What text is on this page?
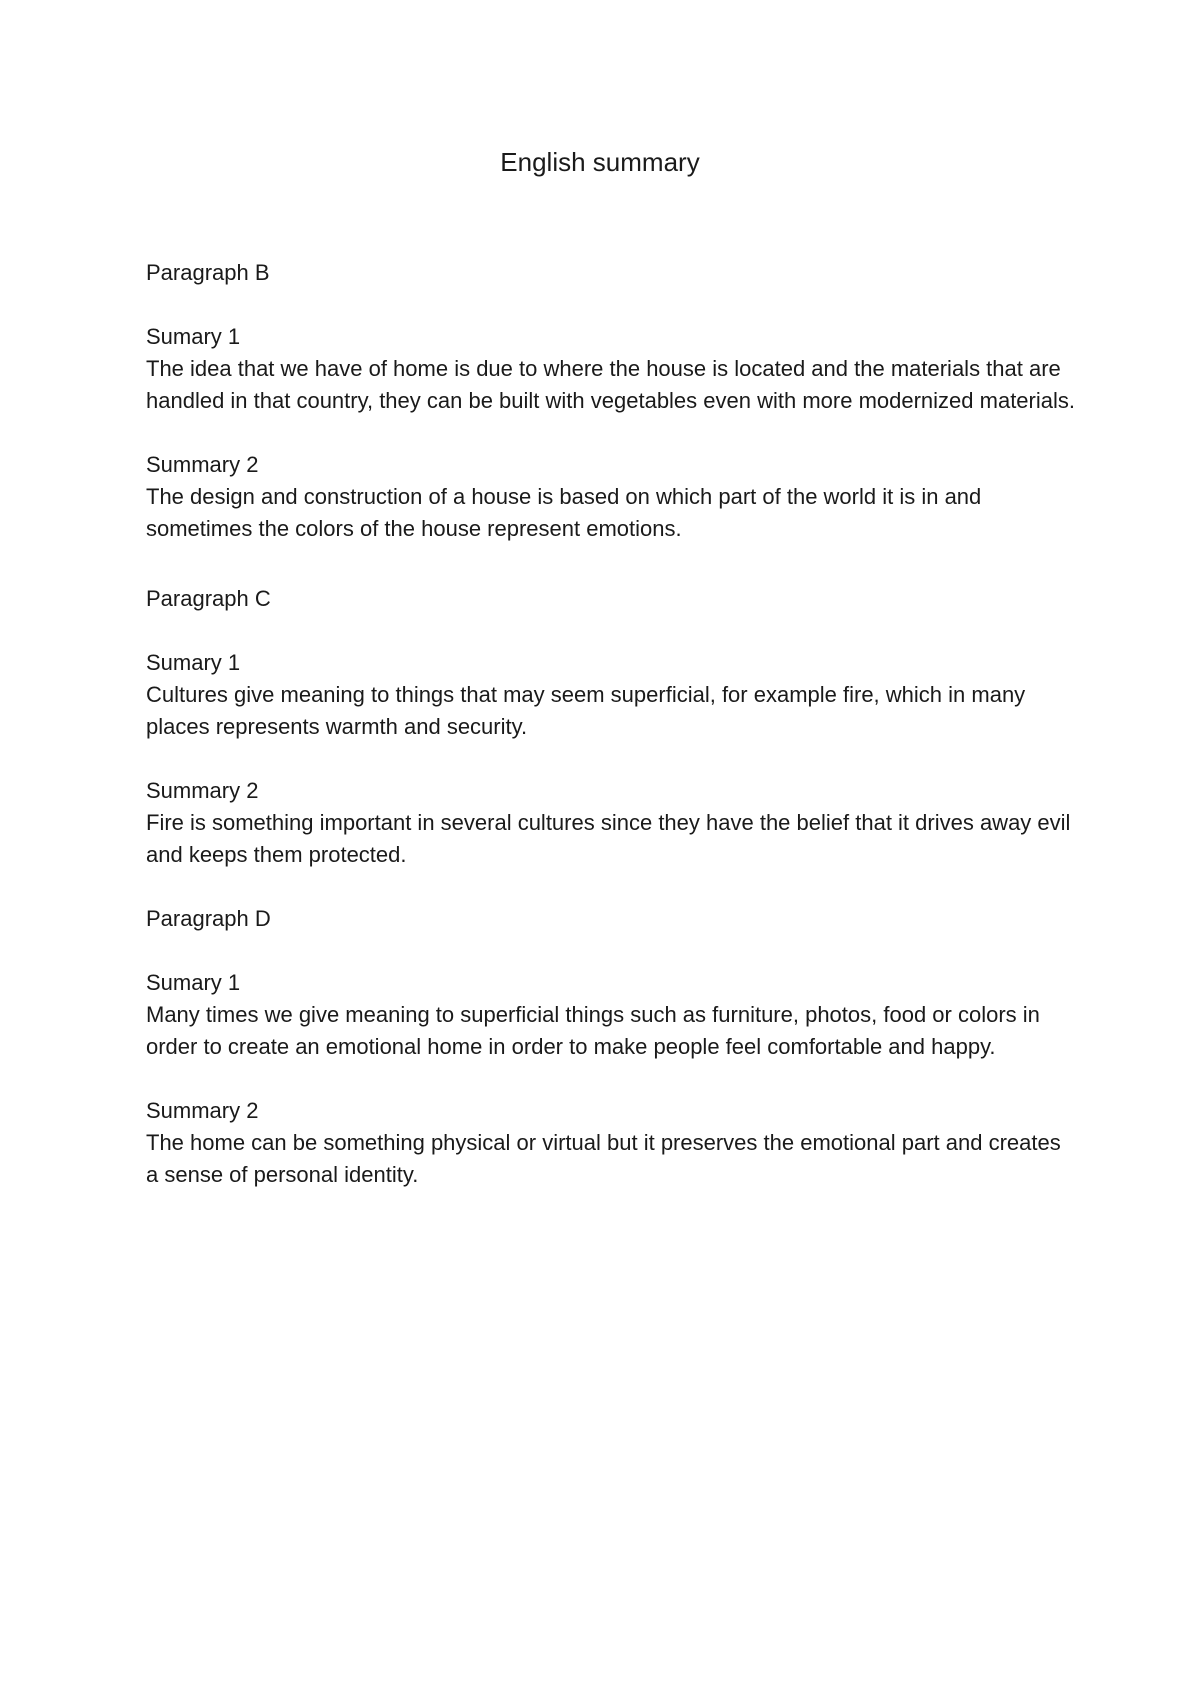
English summary
Paragraph B
Sumary 1
The idea that we have of home is due to where the house is located and the materials that are handled in that country, they can be built with vegetables even with more modernized materials.
Summary 2
The design and construction of a house is based on which part of the world it is in and sometimes the colors of the house represent emotions.
Paragraph C
Sumary 1
Cultures give meaning to things that may seem superficial, for example fire, which in many places represents warmth and security.
Summary 2
Fire is something important in several cultures since they have the belief that it drives away evil and keeps them protected.
Paragraph D
Sumary 1
Many times we give meaning to superficial things such as furniture, photos, food or colors in order to create an emotional home in order to make people feel comfortable and happy.
Summary 2
The home can be something physical or virtual but it preserves the emotional part and creates a sense of personal identity.
